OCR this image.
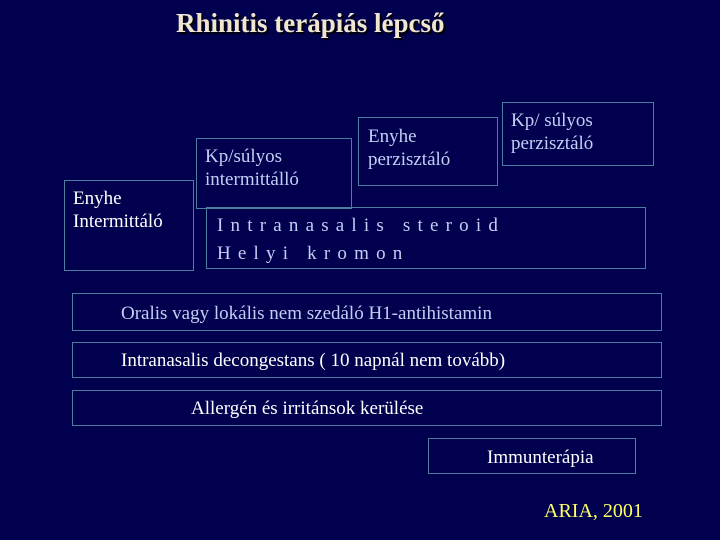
Rhinitis terápiás lépcső
Enyhe
Intermittáló
Kp/súlyos
intermittálló
Enyhe
perzisztáló
Kp/ súlyos
perzisztáló
Intranasalis steroid
Helyi kromon
Oralis vagy lokális nem szedáló H1-antihistamin
Intranasalis decongestans ( 10 napnál nem tovább)
Allergén és irritánsok kerülése
Immunterápia
ARIA, 2001
